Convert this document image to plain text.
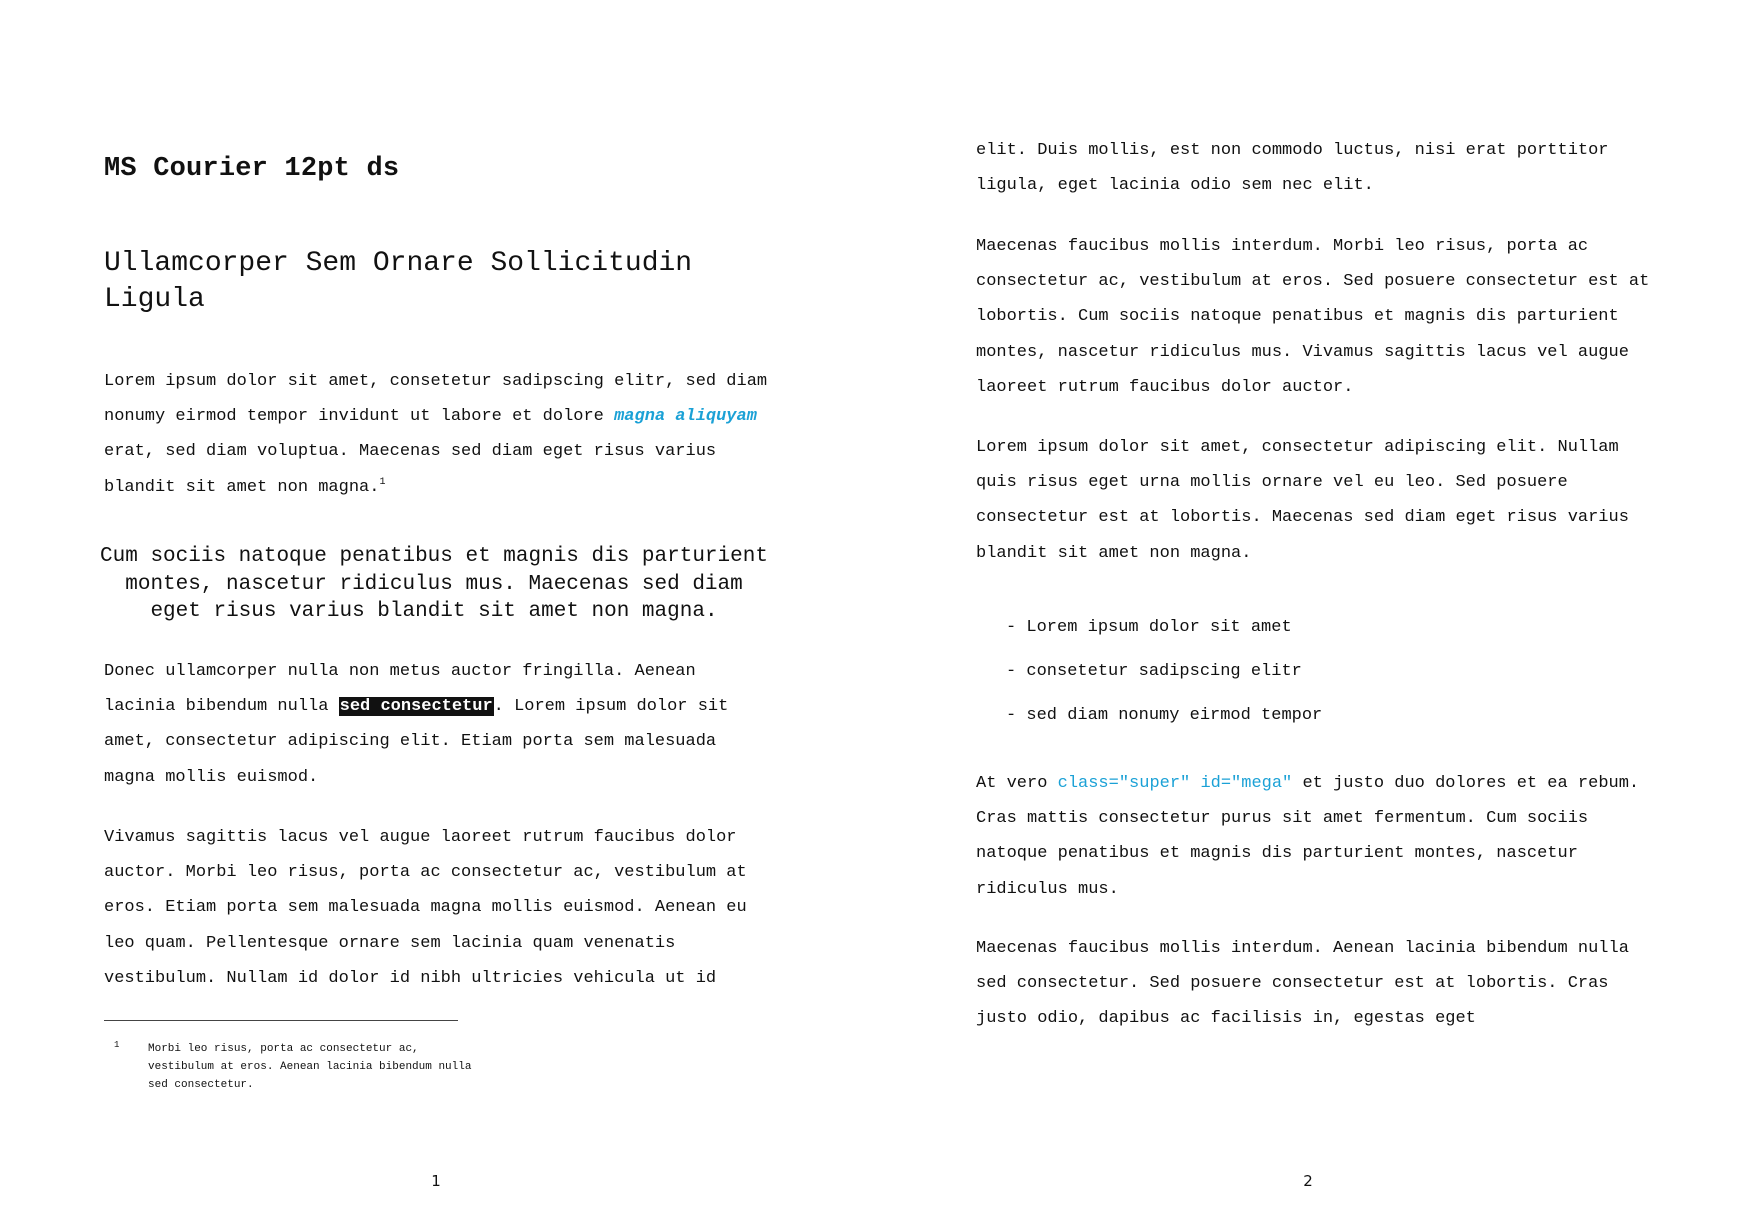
MS Courier 12pt ds
Ullamcorper Sem Ornare Sollicitudin Ligula

Lorem ipsum dolor sit amet, consetetur sadipscing elitr, sed diam nonumy eirmod tempor invidunt ut labore et dolore magna aliquyam erat, sed diam voluptua. Maecenas sed diam eget risus varius blandit sit amet non magna.$^1$

Cum sociis natoque penatibus et magnis dis parturient montes, nascetur ridiculus mus. Maecenas sed diam eget risus varius blandit sit amet non magna.

Donec ullamcorper nulla non metus auctor fringilla. Aenean lacinia bibendum nulla sed consectetur. Lorem ipsum dolor sit amet, consectetur adipiscing elit. Etiam porta sem malesuada magna mollis euismod.

Vivamus sagittis lacus vel augue laoreet rutrum faucibus dolor auctor. Morbi leo risus, porta ac consectetur ac, vestibulum at eros. Etiam porta sem malesuada magna mollis euismod. Aenean eu leo quam. Pellentesque ornare sem lacinia quam venenatis vestibulum. Nullam id dolor id nibh ultricies vehicula ut id

1	Morbi leo risus, porta ac consectetur ac, vestibulum at eros. Aenean lacinia bibendum nulla sed consectetur.

1

elit. Duis mollis, est non commodo luctus, nisi erat porttitor ligula, eget lacinia odio sem nec elit.

Maecenas faucibus mollis interdum. Morbi leo risus, porta ac consectetur ac, vestibulum at eros. Sed posuere consectetur est at lobortis. Cum sociis natoque penatibus et magnis dis parturient montes, nascetur ridiculus mus. Vivamus sagittis lacus vel augue laoreet rutrum faucibus dolor auctor.

Lorem ipsum dolor sit amet, consectetur adipiscing elit. Nullam quis risus eget urna mollis ornare vel eu leo. Sed posuere consectetur est at lobortis. Maecenas sed diam eget risus varius blandit sit amet non magna.

- Lorem ipsum dolor sit amet
- consetetur sadipscing elitr
- sed diam nonumy eirmod tempor

At vero class="super" id="mega" et justo duo dolores et ea rebum. Cras mattis consectetur purus sit amet fermentum. Cum sociis natoque penatibus et magnis dis parturient montes, nascetur ridiculus mus.

Maecenas faucibus mollis interdum. Aenean lacinia bibendum nulla sed consectetur. Sed posuere consectetur est at lobortis. Cras justo odio, dapibus ac facilisis in, egestas eget

2
